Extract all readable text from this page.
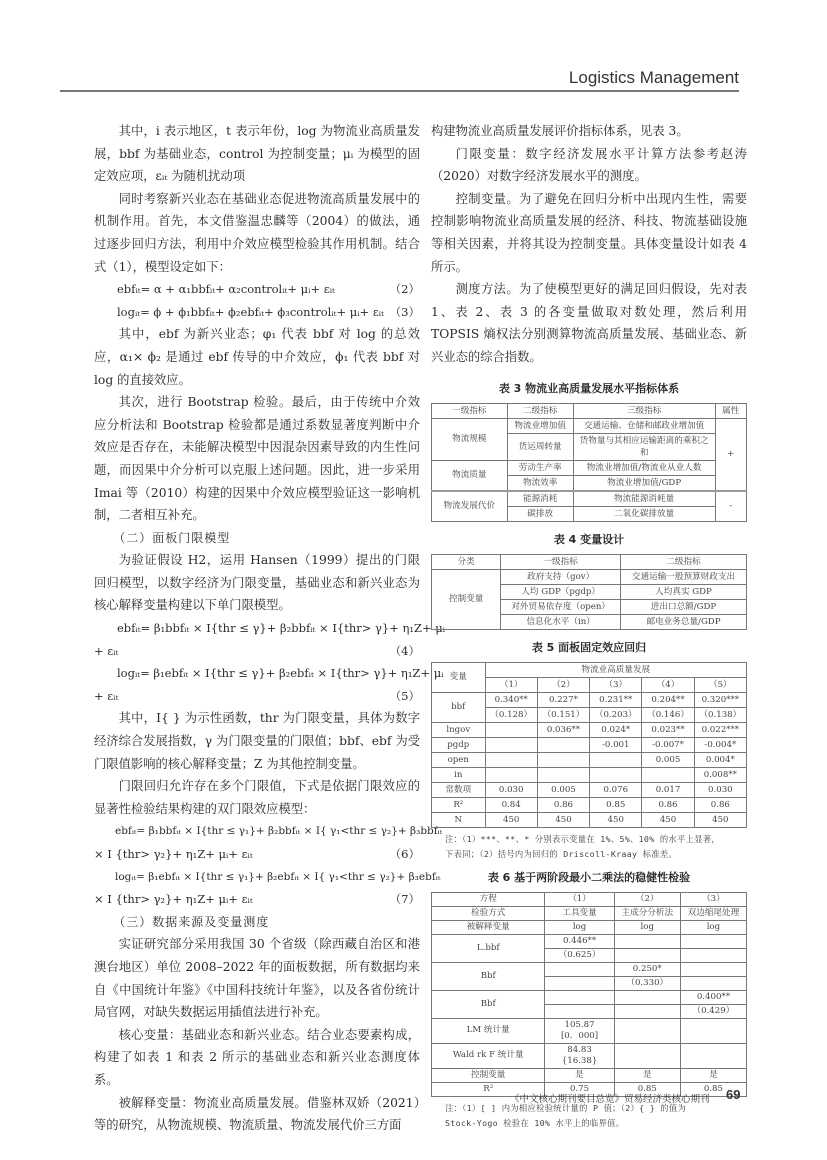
Logistics Management

其中，i 表示地区，t 表示年份，log 为物流业高质量发展，bbf 为基础业态，control 为控制变量；μᵢ 为模型的固定效应项，εᵢₜ 为随机扰动项

同时考察新兴业态在基础业态促进物流高质量发展中的机制作用。首先，本文借鉴温忠麟等（2004）的做法，通过逐步回归方法，利用中介效应模型检验其作用机制。结合式（1），模型设定如下：

ebfᵢₜ= α + α₁bbfᵢₜ+ α₂controlᵢₜ+ μᵢ+ εᵢₜ	（2）
logᵢₜ= ϕ + ϕ₁bbfᵢₜ+ ϕ₂ebfᵢₜ+ ϕ₃controlᵢₜ+ μᵢ+ εᵢₜ （3）

其中，ebf 为新兴业态；φ₁ 代表 bbf 对 log 的总效应，α₁× ϕ₂ 是通过 ebf 传导的中介效应，ϕ₁ 代表 bbf 对 log 的直接效应。

其次，进行 Bootstrap 检验。最后，由于传统中介效应分析法和 Bootstrap 检验都是通过系数显著度判断中介效应是否存在，未能解决模型中因混杂因素导致的内生性问题，而因果中介分析可以克服上述问题。因此，进一步采用 Imai 等（2010）构建的因果中介效应模型验证这一影响机制，二者相互补充。

（二）面板门限模型

为验证假设 H2，运用 Hansen（1999）提出的门限回归模型，以数字经济为门限变量，基础业态和新兴业态为核心解释变量构建以下单门限模型。

ebfᵢₜ= β₁bbfᵢₜ × I{thr ≤ γ}+ β₂bbfᵢₜ × I{thr> γ}+ η₁Z+ μᵢ
+ εᵢₜ	（4）
logᵢₜ= β₁ebfᵢₜ × I{thr ≤ γ}+ β₂ebfᵢₜ × I{thr> γ}+ η₁Z+ μᵢ
+ εᵢₜ	（5）

其中，I{ } 为示性函数，thr 为门限变量，具体为数字经济综合发展指数，γ 为门限变量的门限值；bbf、ebf 为受门限值影响的核心解释变量；Z 为其他控制变量。

门限回归允许存在多个门限值，下式是依据门限效应的显著性检验结果构建的双门限效应模型：

ebfᵢₜ= β₁bbfᵢₜ × I{thr ≤ γ₁}+ β₂bbfᵢₜ × I{ γ₁<thr ≤ γ₂}+ β₃bbfᵢₜ
× I {thr> γ₂}+ η₁Z+ μᵢ+ εᵢₜ	（6）
logᵢₜ= β₁ebfᵢₜ × I{thr ≤ γ₁}+ β₂ebfᵢₜ × I{ γ₁<thr ≤ γ₂}+ β₃ebfᵢₜ
× I {thr> γ₂}+ η₁Z+ μᵢ+ εᵢₜ	（7）

（三）数据来源及变量测度

实证研究部分采用我国 30 个省级（除西藏自治区和港澳台地区）单位 2008–2022 年的面板数据，所有数据均来自《中国统计年鉴》《中国科技统计年鉴》，以及各省份统计局官网，对缺失数据运用插值法进行补充。

核心变量：基础业态和新兴业态。结合业态要素构成，构建了如表 1 和表 2 所示的基础业态和新兴业态测度体系。

被解释变量：物流业高质量发展。借鉴林双娇（2021）等的研究，从物流规模、物流质量、物流发展代价三方面

构建物流业高质量发展评价指标体系，见表 3。

门限变量：数字经济发展水平计算方法参考赵涛（2020）对数字经济发展水平的测度。

控制变量。为了避免在回归分析中出现内生性，需要控制影响物流业高质量发展的经济、科技、物流基础设施等相关因素，并将其设为控制变量。具体变量设计如表 4 所示。

测度方法。为了使模型更好的满足回归假设，先对表 1、表 2、表 3 的各变量做取对数处理，然后利用 TOPSIS 熵权法分别测算物流高质量发展、基础业态、新兴业态的综合指数。

表 3 物流业高质量发展水平指标体系
一级指标	二级指标	三级指标	属性
物流规模	物流业增加值	交通运输、仓储和邮政业增加值	+
	货运周转量	货物量与其相应运输距离的乘积之和	
物流质量	劳动生产率	物流业增加值/物流业从业人数	
	物流效率	物流业增加值/GDP	
物流发展代价	能源消耗	物流能源消耗量	-
	碳排放	二氧化碳排放量	
表 4 变量设计
分类	一级指标	二级指标
控制变量	政府支持（gov）	交通运输一般预算财政支出
	人均 GDP（pgdp）	人均真实 GDP
	对外贸易依存度（open）	进出口总额/GDP
	信息化水平（in）	邮电业务总量/GDP
表 5 面板固定效应回归
变量	物流业高质量发展				
	（1）	（2）	（3）	（4）	（5）
bbf	0.340**	0.227*	0.231**	0.204**	0.320***
	（0.128）	（0.151）	（0.203）	（0.146）	（0.138）
lngov		0.036**	0.024*	0.023**	0.022***
pgdp			-0.001	-0.007*	-0.004*
open				0.005	0.004*
in					0.008**
常数项	0.030	0.005	0.076	0.017	0.030
R²	0.84	0.86	0.85	0.86	0.86
N	450	450	450	450	450

注：（1）***、**、* 分别表示变量在 1%、5%、10% 的水平上显著，
下表同；（2）括号内为回归的 Driscoll-Kraay 标准差。

表 6 基于两阶段最小二乘法的稳健性检验
方程	（1）	（2）	（3）
检验方式	工具变量	主成分分析法	双边缩尾处理
被解释变量	log	log	log
L.bbf	0.446**		
	（0.625）		
Bbf		0.250*	
		（0.330）	
Bbf			0.400**
			（0.429）
LM 统计量	105.87
[0．000]		

Wald rk F 统计量	84.83
{16.38}		

控制变量	是	是	是
R²	0.75	0.85	0.85

注：（1）[ ] 内为相应检验统计量的 P 值；（2）{ } 的值为
Stock-Yogo 检验在 10% 水平上的临界值。

《中文核心期刊要目总览》贸易经济类核心期刊 69
